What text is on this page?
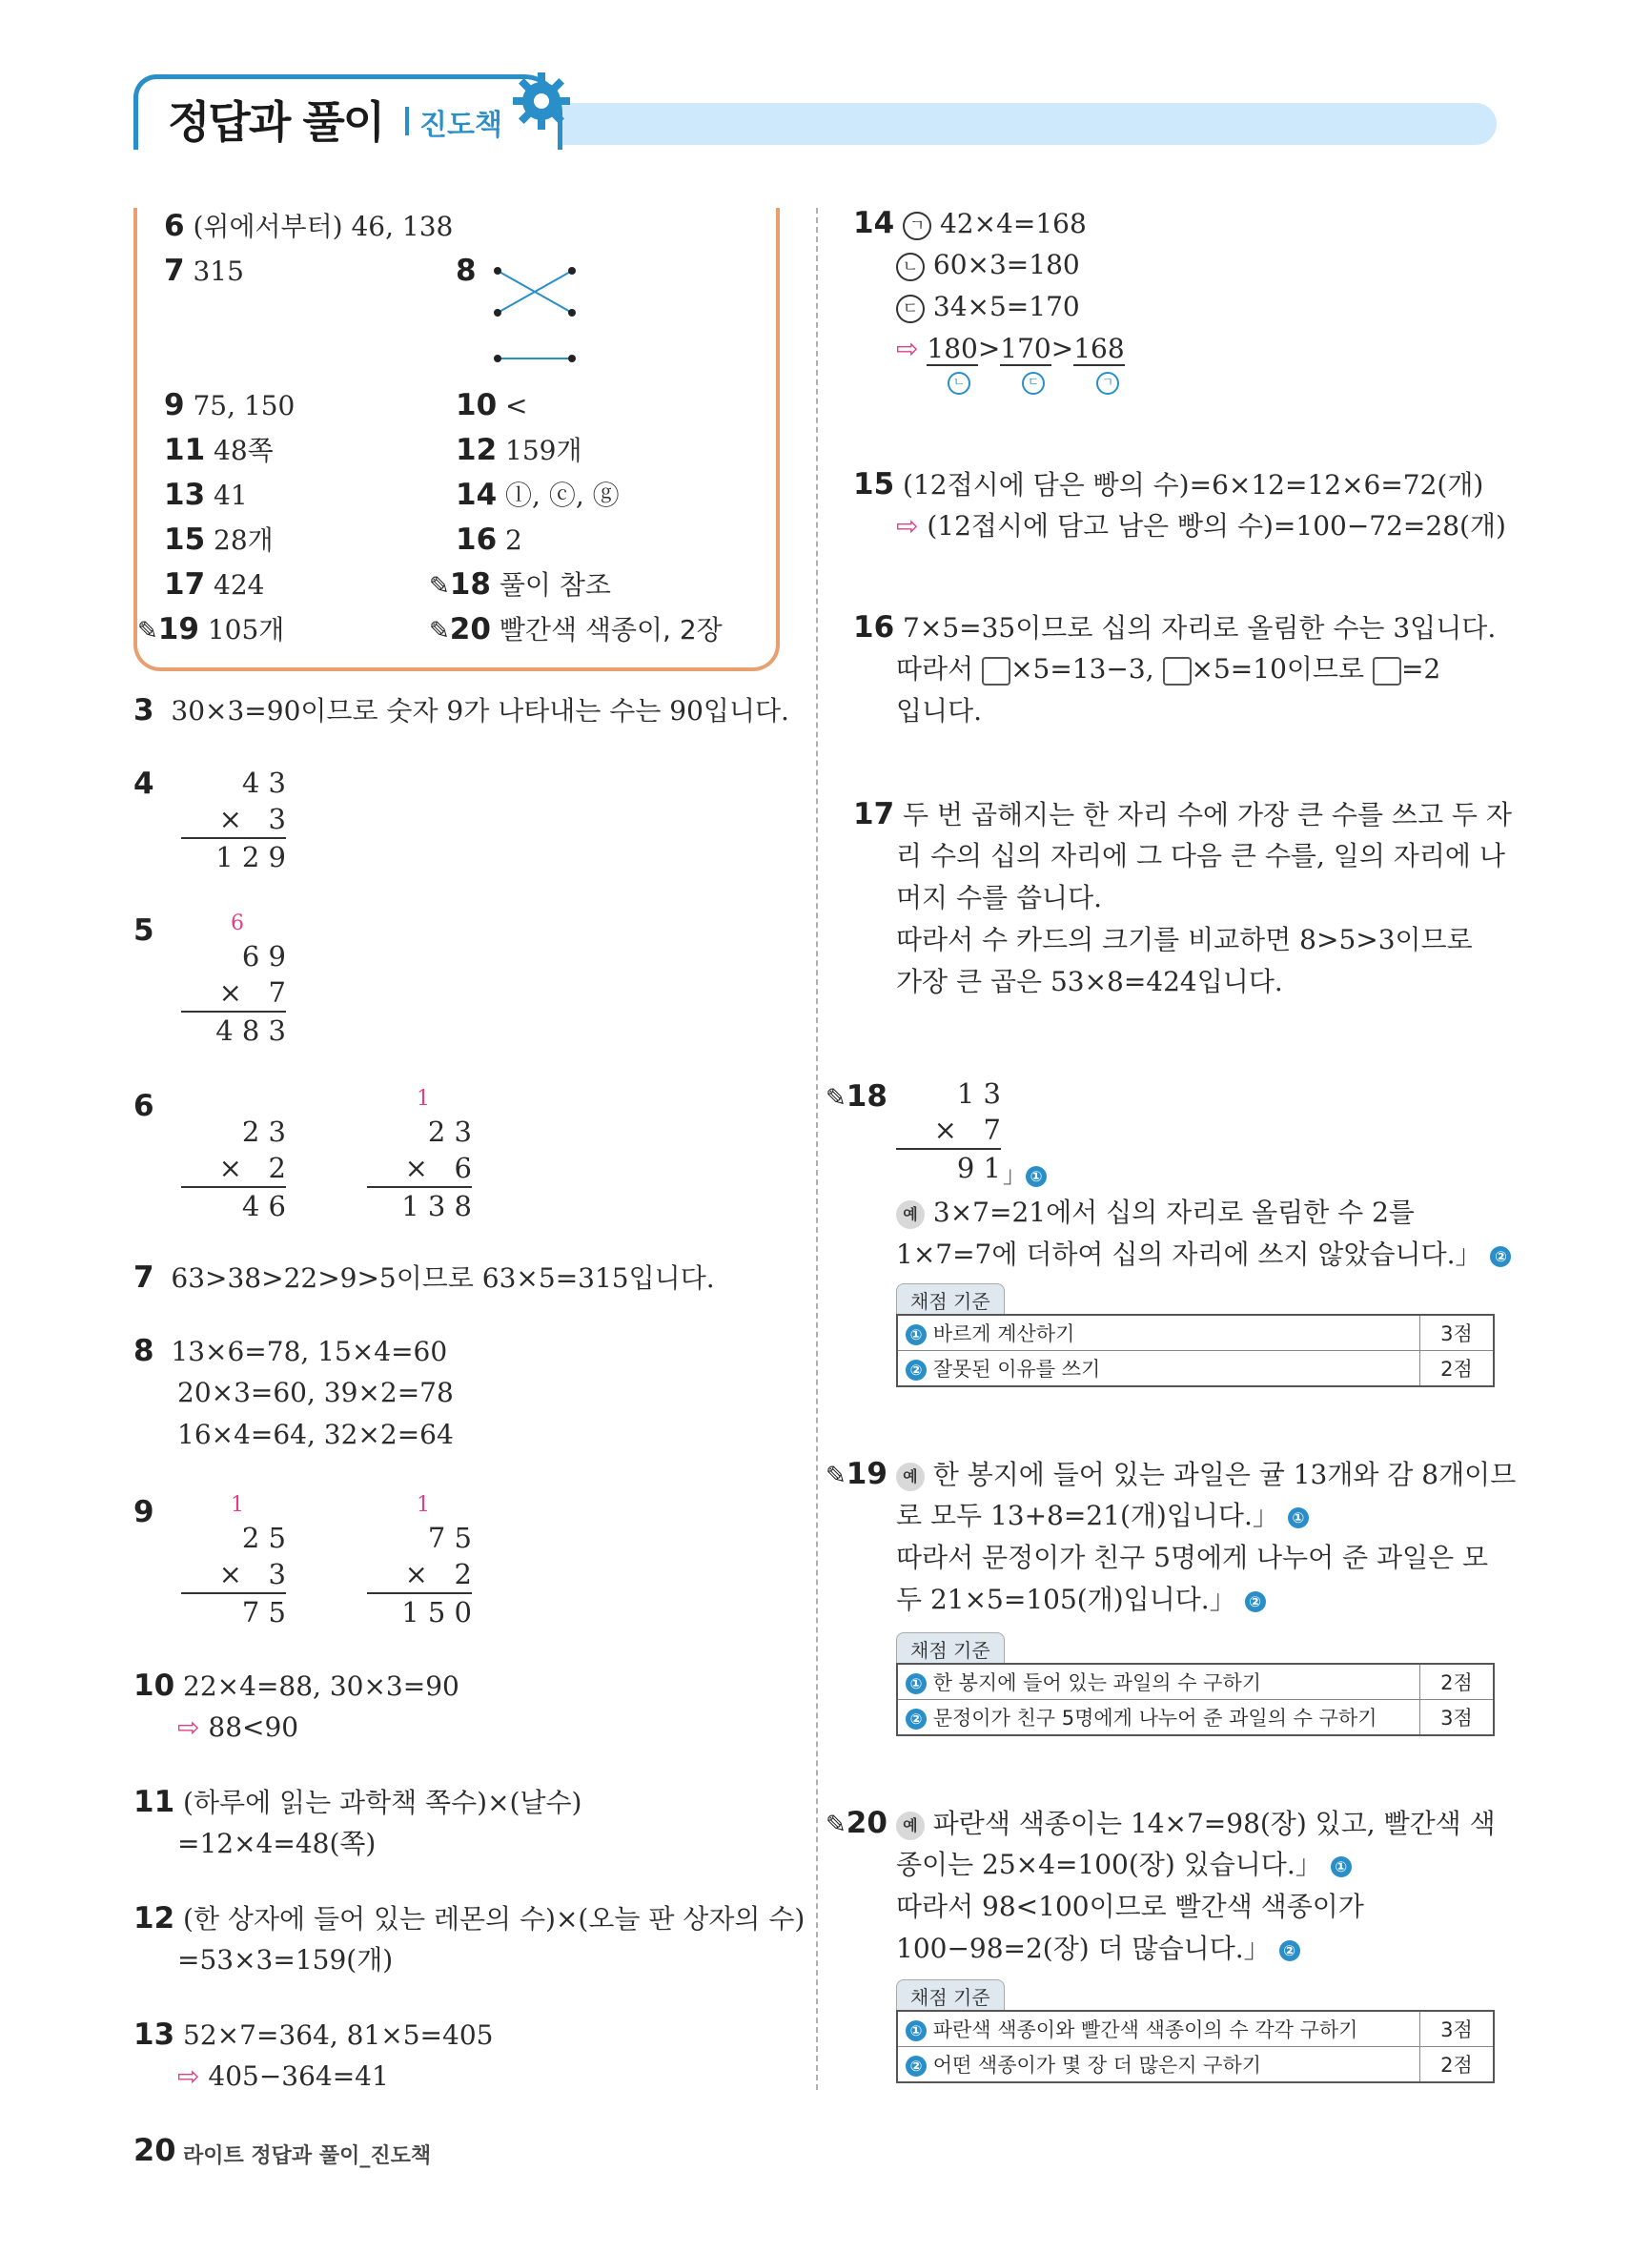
정답과 풀이 진도책
6 (위에서부터) 46, 138
7 315	8
9 75, 150	10 <
11 48쪽	12 159개
13 41	14 ⓛ, ⓒ, ⓖ
15 28개	16 2
17 424	✎18 풀이 참조
✎19 105개	✎20 빨간색 색종이, 2장
3 30×3=90이므로 숫자 9가 나타내는 수는 90입니다.
4	4 3
×   3
1 2 9
5	6
6 9
×   7
4 8 3
6
2 3
×   2
4 6
1
2 3
×   6
1 3 8
7 63>38>22>9>5이므로 63×5=315입니다.
8 13×6=78, 15×4=60
20×3=60, 39×2=78
16×4=64, 32×2=64
9	1
2 5
×   3
7 5
1
7 5
×   2
1 5 0
10 22×4=88, 30×3=90
⇨ 88<90
11 (하루에 읽는 과학책 쪽수)×(날수)
=12×4=48(쪽)
12 (한 상자에 들어 있는 레몬의 수)×(오늘 판 상자의 수)
=53×3=159(개)
13 52×7=364, 81×5=405
⇨ 405−364=41
14 ㄱ 42×4=168
ㄴ 60×3=180
ㄷ 34×5=170
⇨ 180>170>168
ㄴ	ㄷ	ㄱ
15 (12접시에 담은 빵의 수)=6×12=12×6=72(개)
⇨ (12접시에 담고 남은 빵의 수)=100−72=28(개)
16 7×5=35이므로 십의 자리로 올림한 수는 3입니다.
따라서 ×5=13−3, ×5=10이므로 =2
입니다.
17 두 번 곱해지는 한 자리 수에 가장 큰 수를 쓰고 두 자
리 수의 십의 자리에 그 다음 큰 수를, 일의 자리에 나
머지 수를 씁니다.
따라서 수 카드의 크기를 비교하면 8>5>3이므로
가장 큰 곱은 53×8=424입니다.
✎18	1 3
×   7
9 1 」 ①
예 3×7=21에서 십의 자리로 올림한 수 2를
1×7=7에 더하여 십의 자리에 쓰지 않았습니다.」 ②
채점 기준
① 바르게 계산하기	3점
② 잘못된 이유를 쓰기	2점
✎19 예 한 봉지에 들어 있는 과일은 귤 13개와 감 8개이므
로 모두 13+8=21(개)입니다.」 ①
따라서 문정이가 친구 5명에게 나누어 준 과일은 모
두 21×5=105(개)입니다.」 ②
채점 기준
① 한 봉지에 들어 있는 과일의 수 구하기	2점
② 문정이가 친구 5명에게 나누어 준 과일의 수 구하기	3점
✎20 예 파란색 색종이는 14×7=98(장) 있고, 빨간색 색
종이는 25×4=100(장) 있습니다.」 ①
따라서 98<100이므로 빨간색 색종이가
100−98=2(장) 더 많습니다.」 ②
채점 기준
① 파란색 색종이와 빨간색 색종이의 수 각각 구하기	3점
② 어떤 색종이가 몇 장 더 많은지 구하기	2점
20 라이트 정답과 풀이_진도책
